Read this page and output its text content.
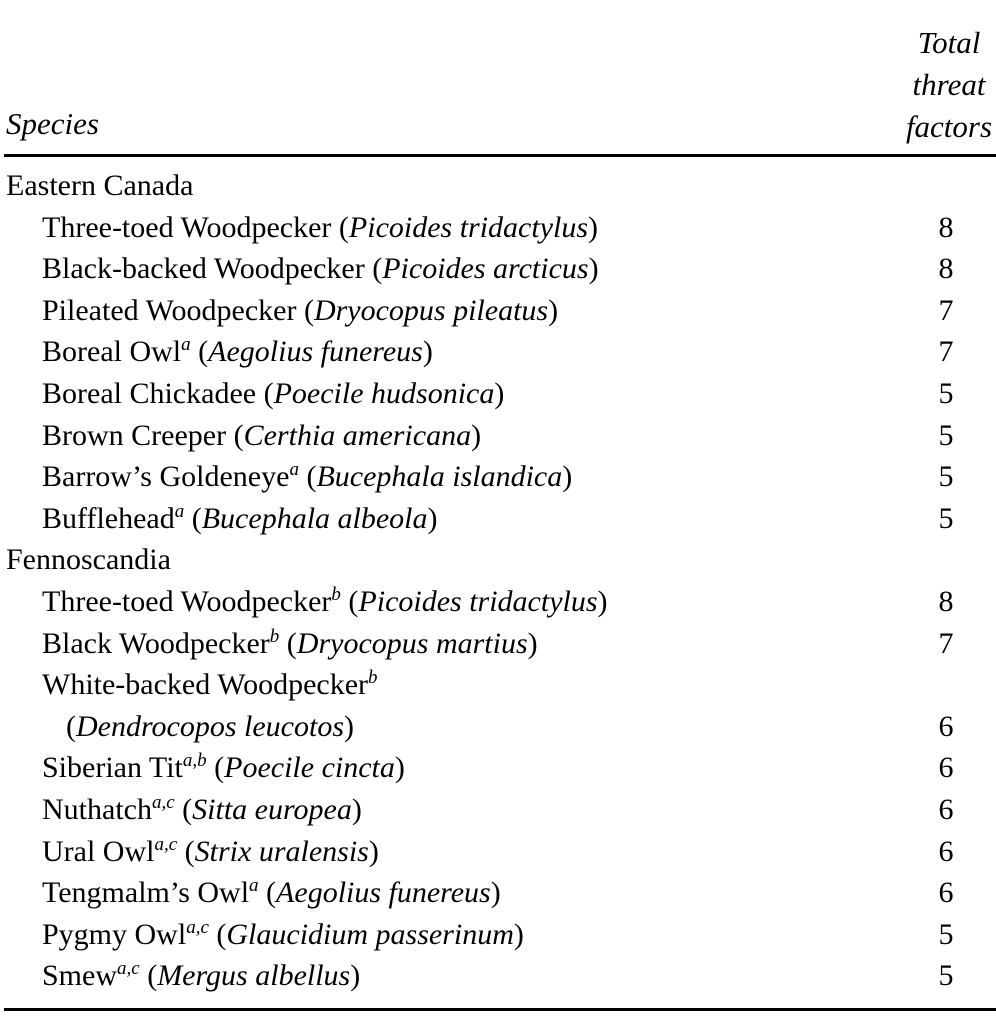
Species
Total
threat
factors
Eastern Canada
Three-toed Woodpecker (Picoides tridactylus)	8
Black-backed Woodpecker (Picoides arcticus)	8
Pileated Woodpecker (Dryocopus pileatus)	7
Boreal Owl$^a$ (Aegolius funereus)	7
Boreal Chickadee (Poecile hudsonica)	5
Brown Creeper (Certhia americana)	5
Barrow’s Goldeneye$^a$ (Bucephala islandica)	5
Bufflehead$^a$ (Bucephala albeola)	5
Fennoscandia
Three-toed Woodpecker$^b$ (Picoides tridactylus)	8
Black Woodpecker$^b$ (Dryocopus martius)	7
White-backed Woodpecker$^b$
(Dendrocopos leucotos)	6
Siberian Tit$^{a,b}$ (Poecile cincta)	6
Nuthatch$^{a,c}$ (Sitta europea)	6
Ural Owl$^{a,c}$ (Strix uralensis)	6
Tengmalm’s Owl$^a$ (Aegolius funereus)	6
Pygmy Owl$^{a,c}$ (Glaucidium passerinum)	5
Smew$^{a,c}$ (Mergus albellus)	5
